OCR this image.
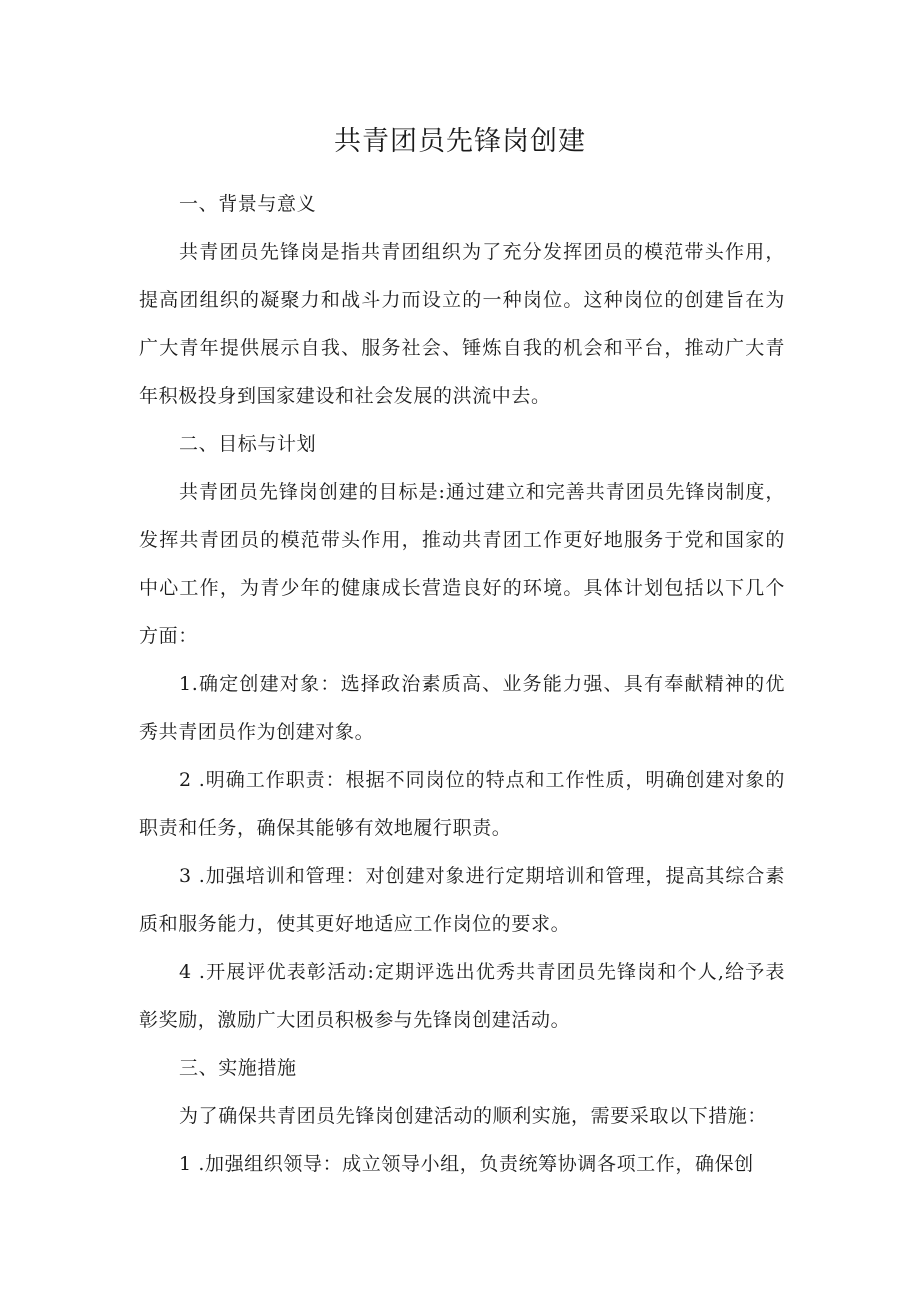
共青团员先锋岗创建

一、背景与意义

共青团员先锋岗是指共青团组织为了充分发挥团员的模范带头作用，提高团组织的凝聚力和战斗力而设立的一种岗位。这种岗位的创建旨在为广大青年提供展示自我、服务社会、锤炼自我的机会和平台，推动广大青年积极投身到国家建设和社会发展的洪流中去。

二、目标与计划

共青团员先锋岗创建的目标是:通过建立和完善共青团员先锋岗制度，发挥共青团员的模范带头作用，推动共青团工作更好地服务于党和国家的中心工作，为青少年的健康成长营造良好的环境。具体计划包括以下几个方面：

1.确定创建对象：选择政治素质高、业务能力强、具有奉献精神的优秀共青团员作为创建对象。

2 .明确工作职责：根据不同岗位的特点和工作性质，明确创建对象的职责和任务，确保其能够有效地履行职责。

3 .加强培训和管理：对创建对象进行定期培训和管理，提高其综合素质和服务能力，使其更好地适应工作岗位的要求。

4 .开展评优表彰活动:定期评选出优秀共青团员先锋岗和个人,给予表彰奖励，激励广大团员积极参与先锋岗创建活动。

三、实施措施

为了确保共青团员先锋岗创建活动的顺利实施，需要采取以下措施：

1 .加强组织领导：成立领导小组，负责统筹协调各项工作，确保创
